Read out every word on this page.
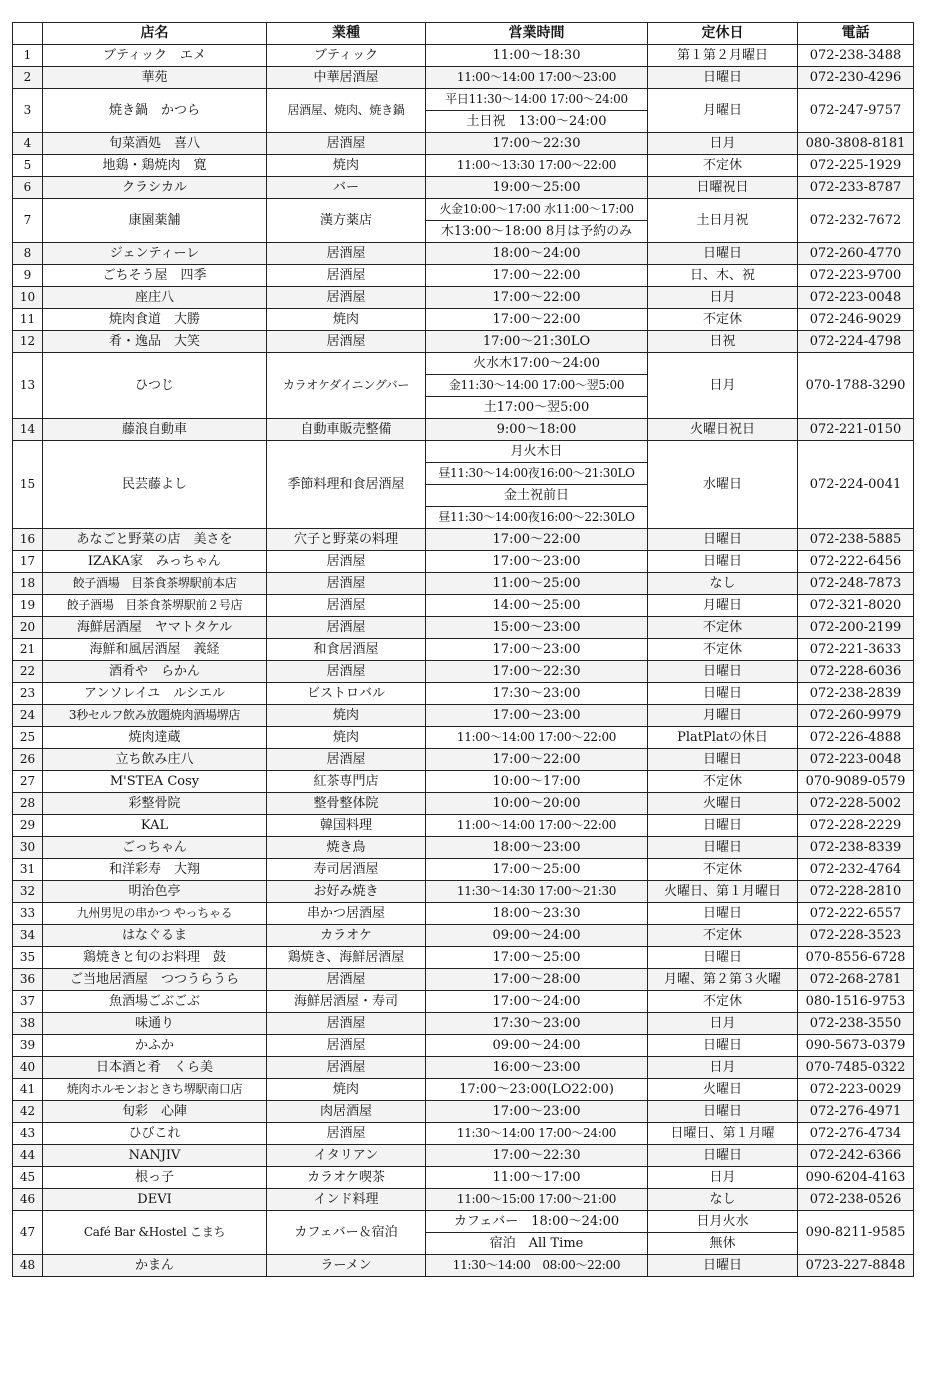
	店名	業種	営業時間	定休日	電話
1	ブティック　エメ	ブティック	11:00～18:30	第１第２月曜日	072-238-3488
2	華苑	中華居酒屋	11:00～14:00 17:00～23:00	日曜日	072-230-4296
3	焼き鍋　かつら	居酒屋、焼肉、焼き鍋	平日11:30～14:00 17:00～24:00	月曜日	072-247-9757
			土日祝　13:00～24:00		
4	旬菜酒処　喜八	居酒屋	17:00～22:30	日月	080-3808-8181
5	地鶏・鶏焼肉　寛	焼肉	11:00～13:30 17:00～22:00	不定休	072-225-1929
6	クラシカル	バー	19:00～25:00	日曜祝日	072-233-8787
7	康園薬舗	漢方薬店	火金10:00～17:00 水11:00～17:00	土日月祝	072-232-7672
			木13:00～18:00 8月は予約のみ		
8	ジェンティーレ	居酒屋	18:00～24:00	日曜日	072-260-4770
9	ごちそう屋　四季	居酒屋	17:00～22:00	日、木、祝	072-223-9700
10	座庄八	居酒屋	17:00～22:00	日月	072-223-0048
11	焼肉食道　大勝	焼肉	17:00～22:00	不定休	072-246-9029
12	肴・逸品　大笑	居酒屋	17:00～21:30LO	日祝	072-224-4798
13	ひつじ	カラオケダイニングバー	火水木17:00～24:00	日月	070-1788-3290
			金11:30～14:00 17:00～翌5:00		
			土17:00～翌5:00		
14	藤浪自動車	自動車販売整備	9:00～18:00	火曜日祝日	072-221-0150
15	民芸藤よし	季節料理和食居酒屋	月火木日	水曜日	072-224-0041
			昼11:30～14:00夜16:00～21:30LO		
			金土祝前日		
			昼11:30～14:00夜16:00～22:30LO		
16	あなごと野菜の店　美さを	穴子と野菜の料理	17:00～22:00	日曜日	072-238-5885
17	IZAKA家　みっちゃん	居酒屋	17:00～23:00	日曜日	072-222-6456
18	餃子酒場　目茶食茶堺駅前本店	居酒屋	11:00～25:00	なし	072-248-7873
19	餃子酒場　目茶食茶堺駅前２号店	居酒屋	14:00～25:00	月曜日	072-321-8020
20	海鮮居酒屋　ヤマトタケル	居酒屋	15:00～23:00	不定休	072-200-2199
21	海鮮和風居酒屋　義経	和食居酒屋	17:00～23:00	不定休	072-221-3633
22	酒肴や　らかん	居酒屋	17:00～22:30	日曜日	072-228-6036
23	アンソレイユ　ルシエル	ビストロバル	17:30～23:00	日曜日	072-238-2839
24	3秒セルフ飲み放題焼肉酒場堺店	焼肉	17:00～23:00	月曜日	072-260-9979
25	焼肉達蔵	焼肉	11:00～14:00 17:00～22:00	PlatPlatの休日	072-226-4888
26	立ち飲み庄八	居酒屋	17:00～22:00	日曜日	072-223-0048
27	M'STEA Cosy	紅茶専門店	10:00～17:00	不定休	070-9089-0579
28	彩整骨院	整骨整体院	10:00～20:00	火曜日	072-228-5002
29	KAL	韓国料理	11:00～14:00 17:00～22:00	日曜日	072-228-2229
30	ごっちゃん	焼き鳥	18:00～23:00	日曜日	072-238-8339
31	和洋彩寿　大翔	寿司居酒屋	17:00～25:00	不定休	072-232-4764
32	明治色亭	お好み焼き	11:30～14:30 17:00～21:30	火曜日、第１月曜日	072-228-2810
33	九州男児の串かつ やっちゃる	串かつ居酒屋	18:00～23:30	日曜日	072-222-6557
34	はなぐるま	カラオケ	09:00～24:00	不定休	072-228-3523
35	鶏焼きと旬のお料理　鼓	鶏焼き、海鮮居酒屋	17:00～25:00	日曜日	070-8556-6728
36	ご当地居酒屋　つつうらうら	居酒屋	17:00～28:00	月曜、第２第３火曜	072-268-2781
37	魚酒場ごぶごぶ	海鮮居酒屋・寿司	17:00～24:00	不定休	080-1516-9753
38	味通り	居酒屋	17:30～23:00	日月	072-238-3550
39	かふか	居酒屋	09:00～24:00	日曜日	090-5673-0379
40	日本酒と肴　くら美	居酒屋	16:00～23:00	日月	070-7485-0322
41	焼肉ホルモンおときち堺駅南口店	焼肉	17:00～23:00(LO22:00)	火曜日	072-223-0029
42	旬彩　心陣	肉居酒屋	17:00～23:00	日曜日	072-276-4971
43	ひびこれ	居酒屋	11:30～14:00 17:00～24:00	日曜日、第１月曜	072-276-4734
44	NANJIV	イタリアン	17:00～22:30	日曜日	072-242-6366
45	根っ子	カラオケ喫茶	11:00～17:00	日月	090-6204-4163
46	DEVI	インド料理	11:00～15:00 17:00～21:00	なし	072-238-0526
47	Café Bar &Hostel こまち	カフェバー＆宿泊	カフェバー　18:00～24:00	日月火水	090-8211-9585
			宿泊　All Time	無休	
48	かまん	ラーメン	11:30～14:00　08:00～22:00	日曜日	0723-227-8848
